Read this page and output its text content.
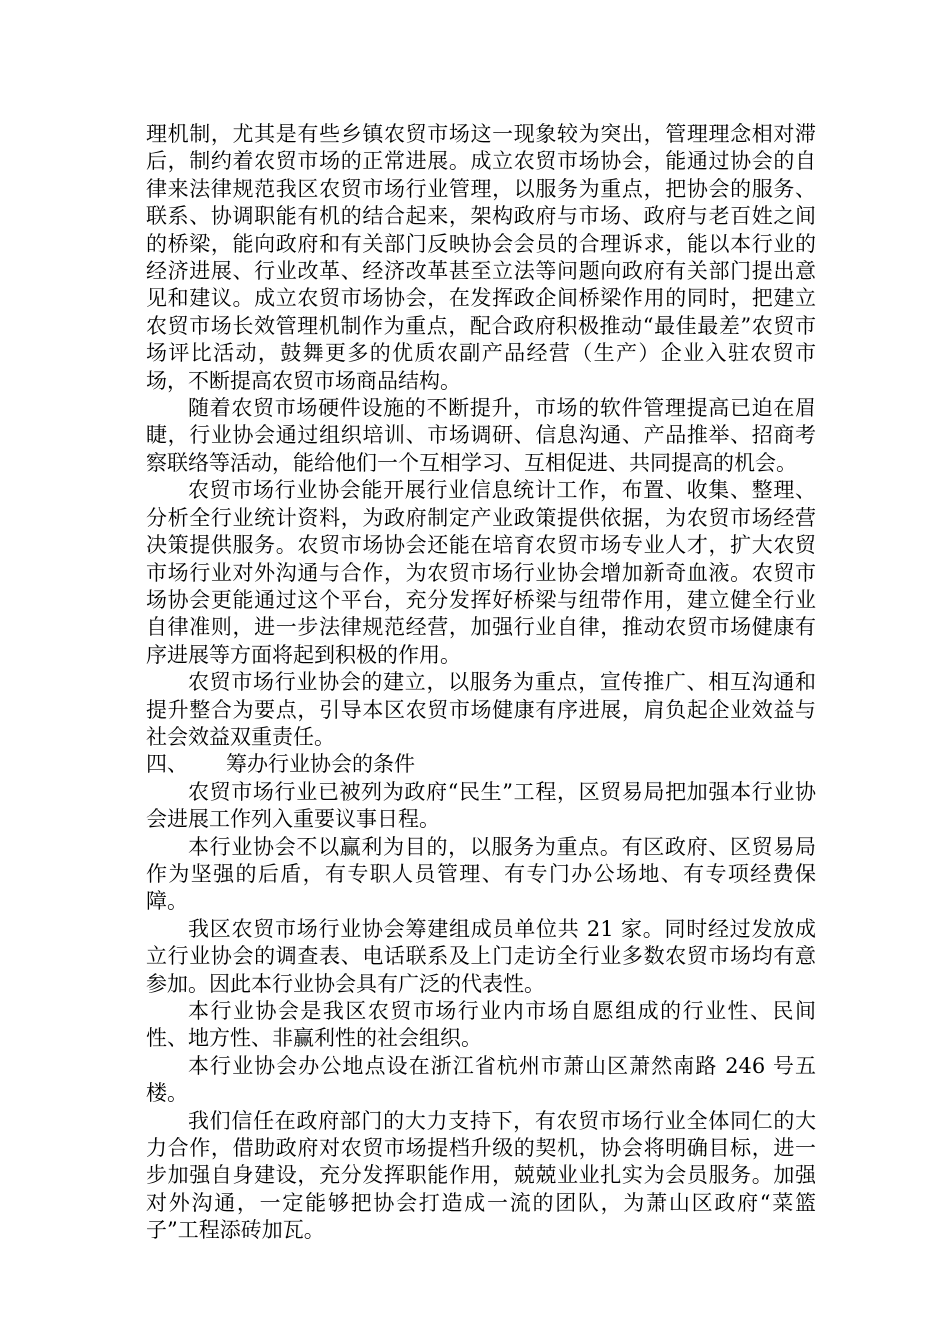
理机制，尤其是有些乡镇农贸市场这一现象较为突出，管理理念相对滞后，制约着农贸市场的正常进展。成立农贸市场协会，能通过协会的自律来法律规范我区农贸市场行业管理，以服务为重点，把协会的服务、联系、协调职能有机的结合起来，架构政府与市场、政府与老百姓之间的桥梁，能向政府和有关部门反映协会会员的合理诉求，能以本行业的经济进展、行业改革、经济改革甚至立法等问题向政府有关部门提出意见和建议。成立农贸市场协会，在发挥政企间桥梁作用的同时，把建立农贸市场长效管理机制作为重点，配合政府积极推动“最佳最差”农贸市场评比活动，鼓舞更多的优质农副产品经营（生产）企业入驻农贸市场，不断提高农贸市场商品结构。

随着农贸市场硬件设施的不断提升，市场的软件管理提高已迫在眉睫，行业协会通过组织培训、市场调研、信息沟通、产品推举、招商考察联络等活动，能给他们一个互相学习、互相促进、共同提高的机会。

农贸市场行业协会能开展行业信息统计工作，布置、收集、整理、分析全行业统计资料，为政府制定产业政策提供依据，为农贸市场经营决策提供服务。农贸市场协会还能在培育农贸市场专业人才，扩大农贸市场行业对外沟通与合作，为农贸市场行业协会增加新奇血液。农贸市场协会更能通过这个平台，充分发挥好桥梁与纽带作用，建立健全行业自律准则，进一步法律规范经营，加强行业自律，推动农贸市场健康有序进展等方面将起到积极的作用。

农贸市场行业协会的建立，以服务为重点，宣传推广、相互沟通和提升整合为要点，引导本区农贸市场健康有序进展，肩负起企业效益与社会效益双重责任。

四、 筹办行业协会的条件

农贸市场行业已被列为政府“民生”工程，区贸易局把加强本行业协会进展工作列入重要议事日程。

本行业协会不以赢利为目的，以服务为重点。有区政府、区贸易局作为坚强的后盾，有专职人员管理、有专门办公场地、有专项经费保障。

我区农贸市场行业协会筹建组成员单位共 21 家。同时经过发放成立行业协会的调查表、电话联系及上门走访全行业多数农贸市场均有意参加。因此本行业协会具有广泛的代表性。

本行业协会是我区农贸市场行业内市场自愿组成的行业性、民间性、地方性、非赢利性的社会组织。

本行业协会办公地点设在浙江省杭州市萧山区萧然南路 246 号五楼。

我们信任在政府部门的大力支持下，有农贸市场行业全体同仁的大力合作，借助政府对农贸市场提档升级的契机，协会将明确目标，进一步加强自身建设，充分发挥职能作用，兢兢业业扎实为会员服务。加强对外沟通，一定能够把协会打造成一流的团队，为萧山区政府“菜篮子”工程添砖加瓦。
